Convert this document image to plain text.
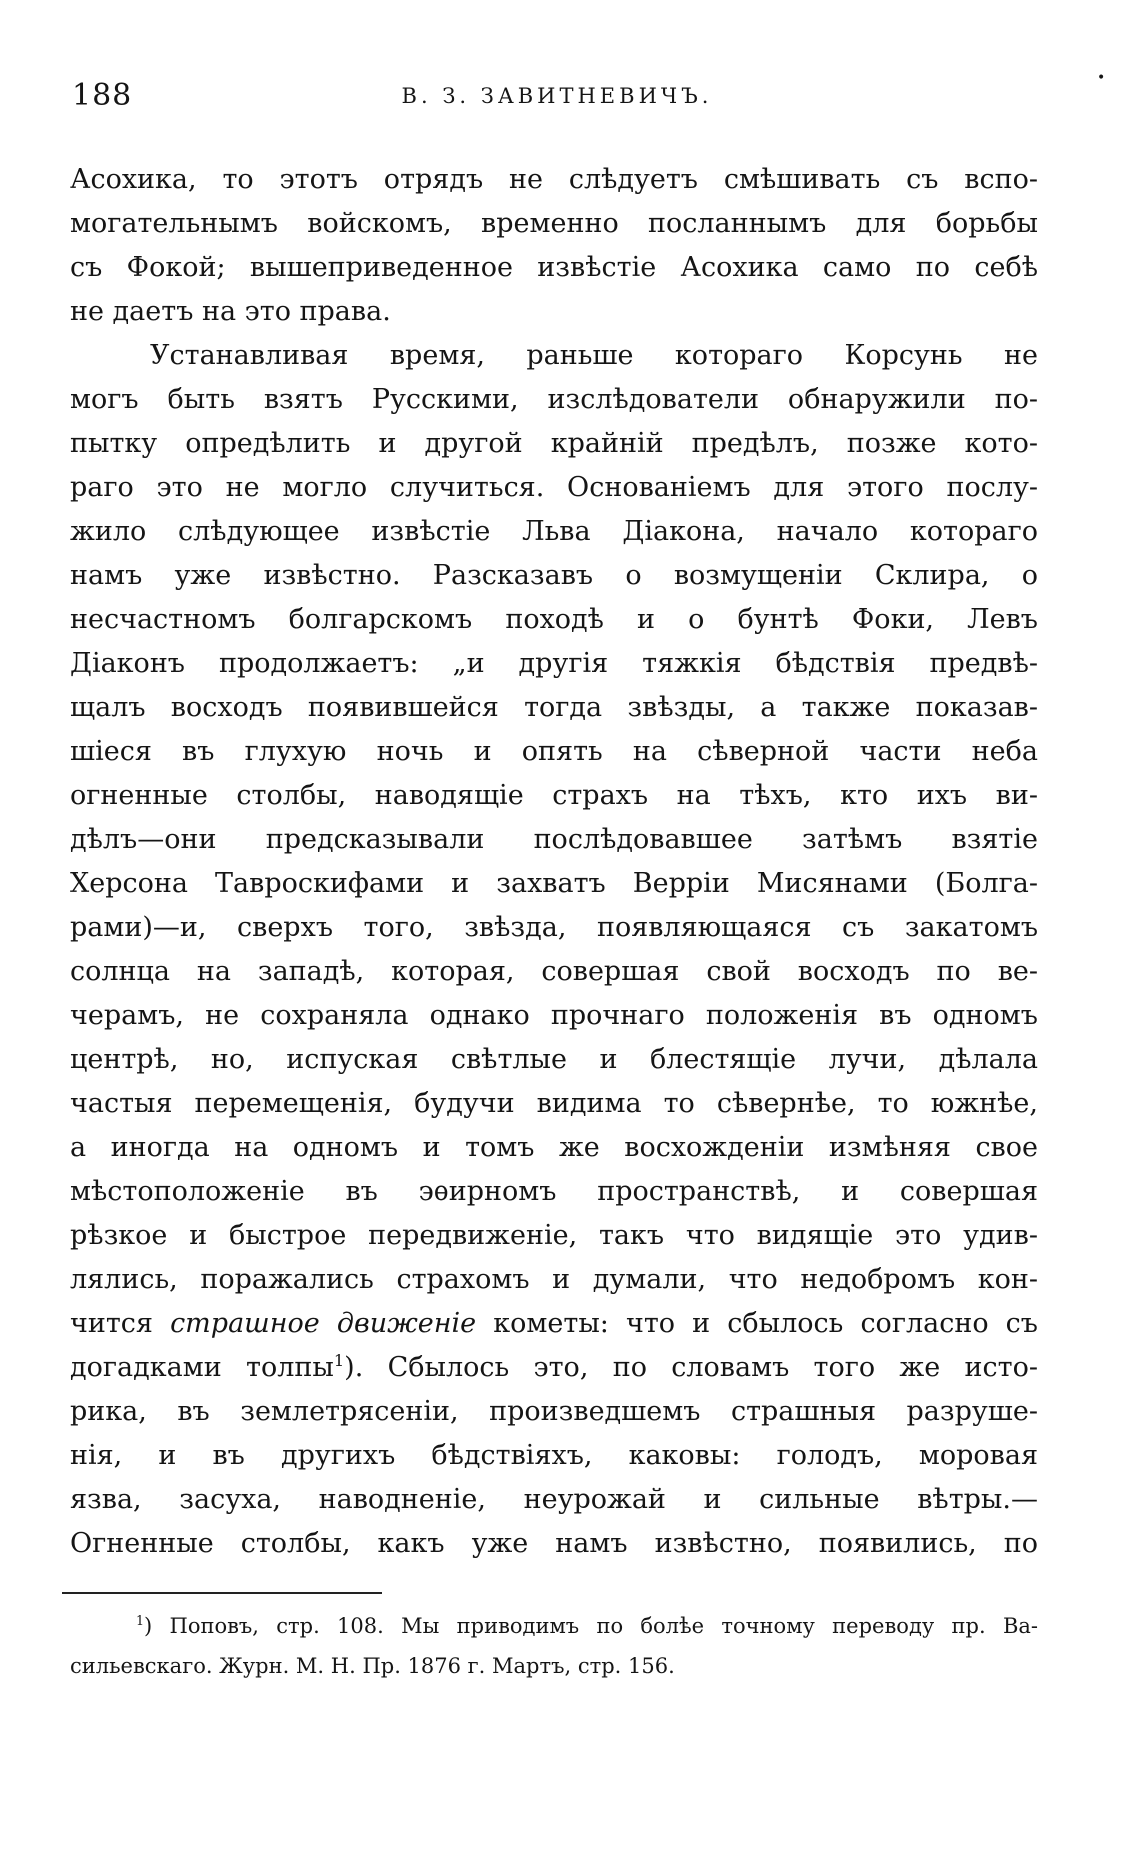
188	В. З. ЗАВИТНЕВИЧЪ.
•
Асохика, то этотъ отрядъ не слѣдуетъ смѣшивать съ вспо-
могательнымъ войскомъ, временно посланнымъ для борьбы
съ Фокой; вышеприведенное извѣстіе Асохика само по себѣ
не даетъ на это права.
Устанавливая время, раньше котораго Корсунь не
могъ быть взятъ Русскими, изслѣдователи обнаружили по-
пытку опредѣлить и другой крайній предѣлъ, позже кото-
раго это не могло случиться. Основаніемъ для этого послу-
жило слѣдующее извѣстіе Льва Діакона, начало котораго
намъ уже извѣстно. Разсказавъ о возмущеніи Склира, о
несчастномъ болгарскомъ походѣ и о бунтѣ Фоки, Левъ
Діаконъ продолжаетъ: „и другія тяжкія бѣдствія предвѣ-
щалъ восходъ появившейся тогда звѣзды, а также показав-
шіеся въ глухую ночь и опять на сѣверной части неба
огненные столбы, наводящіе страхъ на тѣхъ, кто ихъ ви-
дѣлъ—они предсказывали послѣдовавшее затѣмъ взятіе
Херсона Тавроскифами и захватъ Верріи Мисянами (Болга-
рами)—и, сверхъ того, звѣзда, появляющаяся съ закатомъ
солнца на западѣ, которая, совершая свой восходъ по ве-
черамъ, не сохраняла однако прочнаго положенія въ одномъ
центрѣ, но, испуская свѣтлые и блестящіе лучи, дѣлала
частыя перемещенія, будучи видима то сѣвернѣе, то южнѣе,
а иногда на одномъ и томъ же восхожденіи измѣняя свое
мѣстоположеніе въ эѳирномъ пространствѣ, и совершая
рѣзкое и быстрое передвиженіе, такъ что видящіе это удив-
лялись, поражались страхомъ и думали, что недобромъ кон-
чится страшное движеніе кометы: что и сбылось согласно съ
догадками толпы$^1$). Сбылось это, по словамъ того же исто-
рика, въ землетрясеніи, произведшемъ страшныя разруше-
нія, и въ другихъ бѣдствіяхъ, каковы: голодъ, моровая
язва, засуха, наводненіе, неурожай и сильные вѣтры.—
Огненные столбы, какъ уже намъ извѣстно, появились, по
$^1$) Поповъ, стр. 108. Мы приводимъ по болѣе точному переводу пр. Ва-
сильевскаго. Журн. М. Н. Пр. 1876 г. Мартъ, стр. 156.
